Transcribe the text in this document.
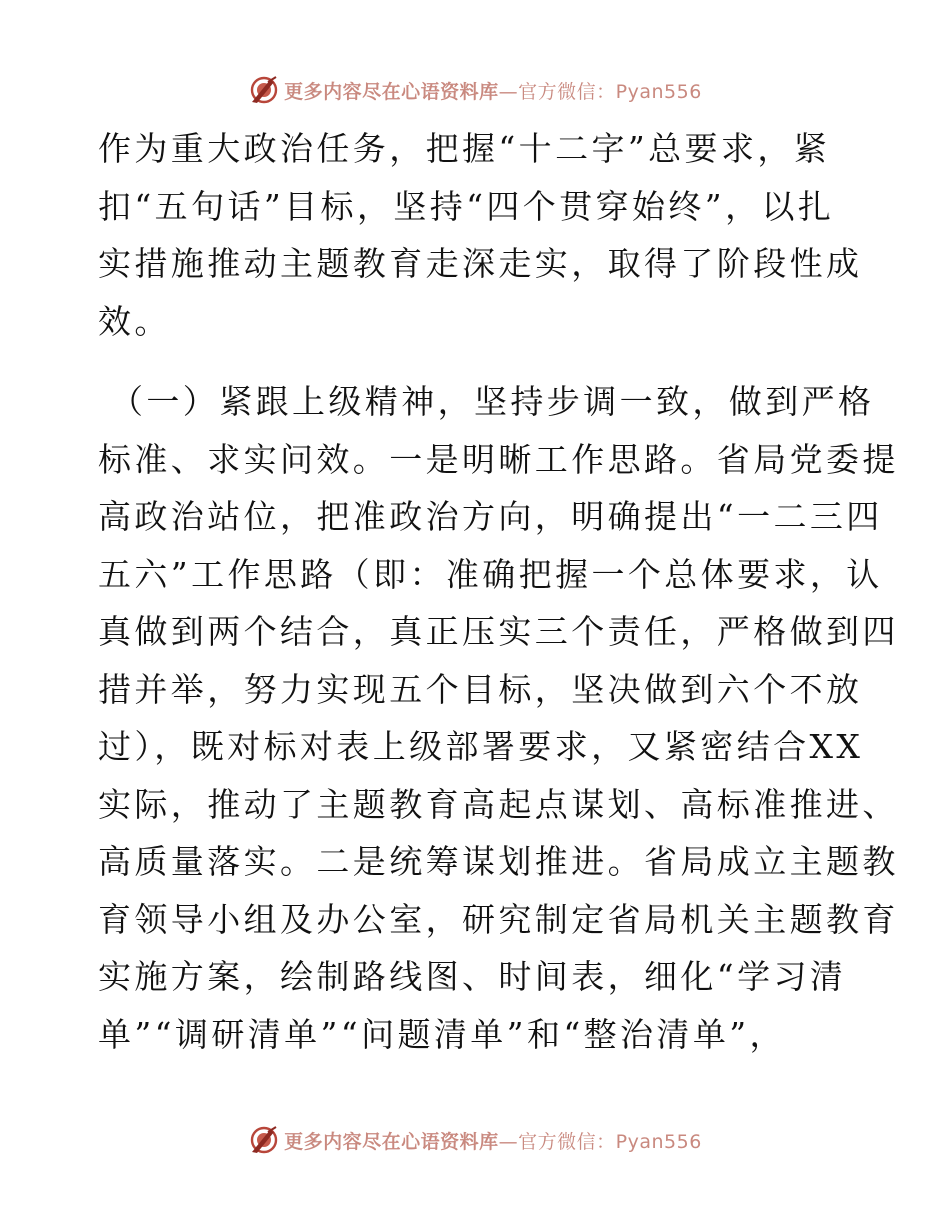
更多内容尽在心语资料库—官方微信：Pyan556
作为重大政治任务，把握“十二字”总要求，紧
扣“五句话”目标，坚持“四个贯穿始终”，以扎
实措施推动主题教育走深走实，取得了阶段性成
效。
（一）紧跟上级精神，坚持步调一致，做到严格
标准、求实问效。一是明晰工作思路。省局党委提
高政治站位，把准政治方向，明确提出“一二三四
五六”工作思路（即：准确把握一个总体要求，认
真做到两个结合，真正压实三个责任，严格做到四
措并举，努力实现五个目标，坚决做到六个不放
过），既对标对表上级部署要求，又紧密结合XX
实际，推动了主题教育高起点谋划、高标准推进、
高质量落实。二是统筹谋划推进。省局成立主题教
育领导小组及办公室，研究制定省局机关主题教育
实施方案，绘制路线图、时间表，细化“学习清
单”“调研清单”“问题清单”和“整治清单”，
更多内容尽在心语资料库—官方微信：Pyan556
